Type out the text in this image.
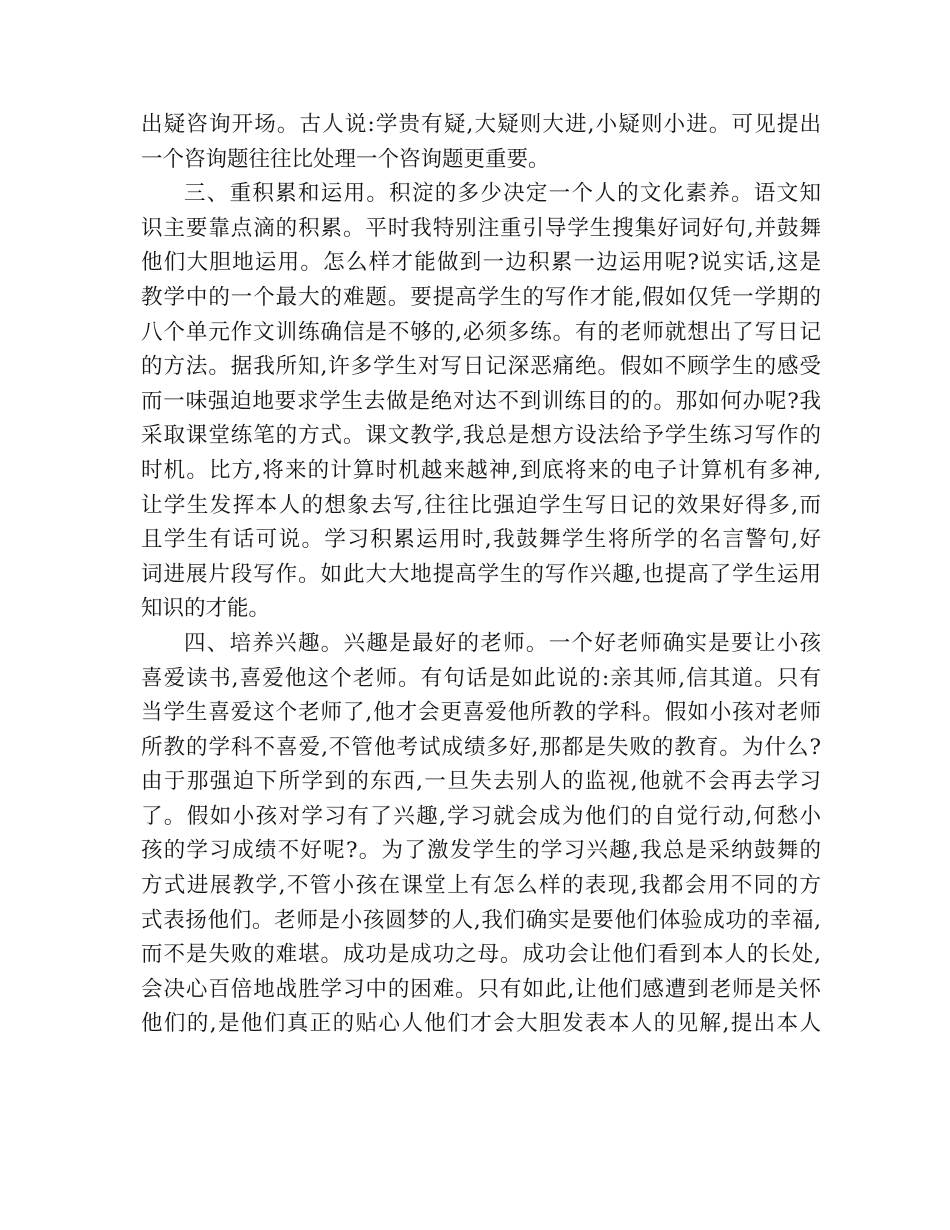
出疑咨询开场。古人说:学贵有疑,大疑则大进,小疑则小进。可见提出
一个咨询题往往比处理一个咨询题更重要。
三、重积累和运用。积淀的多少决定一个人的文化素养。语文知
识主要靠点滴的积累。平时我特别注重引导学生搜集好词好句,并鼓舞
他们大胆地运用。怎么样才能做到一边积累一边运用呢?说实话,这是
教学中的一个最大的难题。要提高学生的写作才能,假如仅凭一学期的
八个单元作文训练确信是不够的,必须多练。有的老师就想出了写日记
的方法。据我所知,许多学生对写日记深恶痛绝。假如不顾学生的感受
而一味强迫地要求学生去做是绝对达不到训练目的的。那如何办呢?我
采取课堂练笔的方式。课文教学,我总是想方设法给予学生练习写作的
时机。比方,将来的计算时机越来越神,到底将来的电子计算机有多神,
让学生发挥本人的想象去写,往往比强迫学生写日记的效果好得多,而
且学生有话可说。学习积累运用时,我鼓舞学生将所学的名言警句,好
词进展片段写作。如此大大地提高学生的写作兴趣,也提高了学生运用
知识的才能。
四、培养兴趣。兴趣是最好的老师。一个好老师确实是要让小孩
喜爱读书,喜爱他这个老师。有句话是如此说的:亲其师,信其道。只有
当学生喜爱这个老师了,他才会更喜爱他所教的学科。假如小孩对老师
所教的学科不喜爱,不管他考试成绩多好,那都是失败的教育。为什么?
由于那强迫下所学到的东西,一旦失去别人的监视,他就不会再去学习
了。假如小孩对学习有了兴趣,学习就会成为他们的自觉行动,何愁小
孩的学习成绩不好呢?。为了激发学生的学习兴趣,我总是采纳鼓舞的
方式进展教学,不管小孩在课堂上有怎么样的表现,我都会用不同的方
式表扬他们。老师是小孩圆梦的人,我们确实是要他们体验成功的幸福,
而不是失败的难堪。成功是成功之母。成功会让他们看到本人的长处,
会决心百倍地战胜学习中的困难。只有如此,让他们感遭到老师是关怀
他们的,是他们真正的贴心人他们才会大胆发表本人的见解,提出本人
